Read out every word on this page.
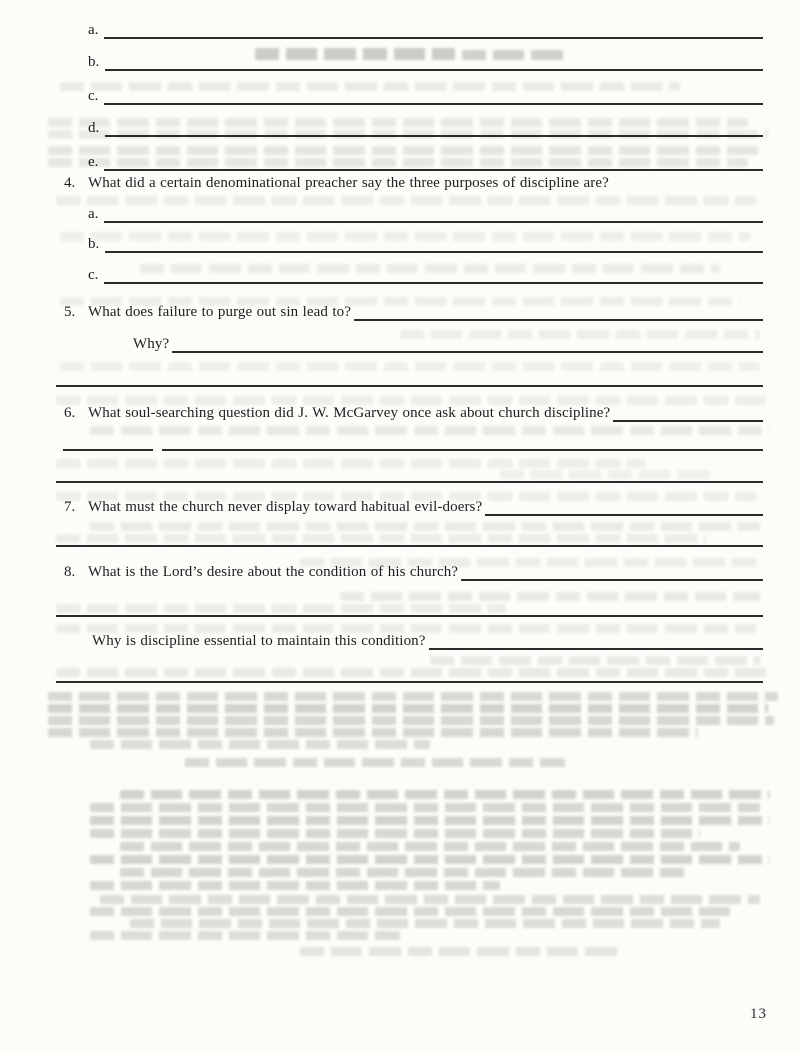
a.
b.
c.
d.
e.
4. What did a certain denominational preacher say the three purposes of discipline are?
a.
b.
c.
5. What does failure to purge out sin lead to?
Why?
6. What soul-searching question did J. W. McGarvey once ask about church discipline?
7. What must the church never display toward habitual evil-doers?
8. What is the Lord’s desire about the condition of his church?
Why is discipline essential to maintain this condition?
13
